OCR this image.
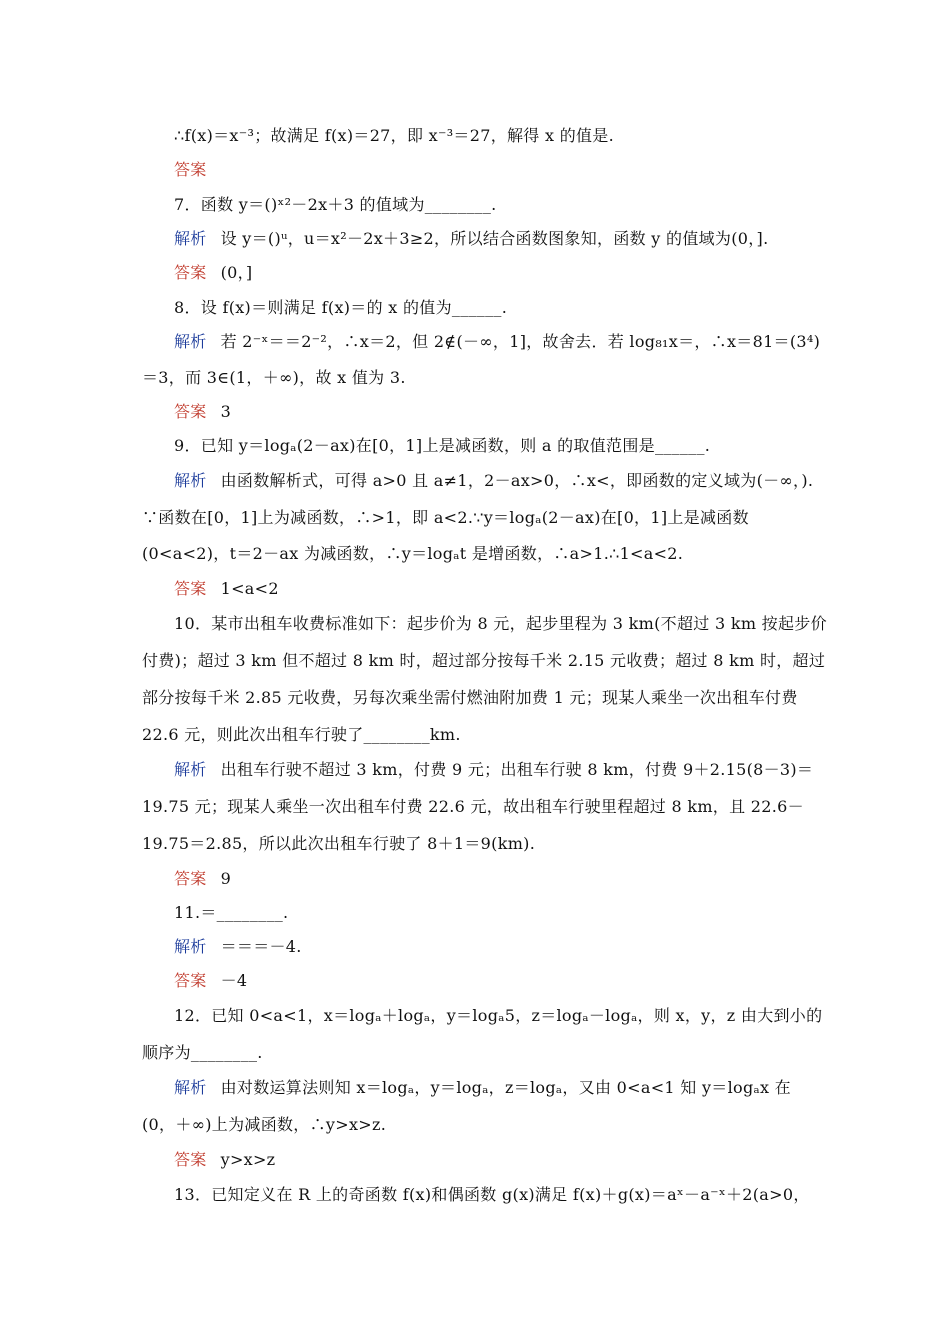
∴f(x)＝x⁻³；故满足 f(x)＝27，即 x⁻³＝27，解得 x 的值是.
答案
7．函数 y＝()ˣ²－2x＋3 的值域为________.
解析 设 y＝()ᵘ，u＝x²－2x＋3≥2，所以结合函数图象知，函数 y 的值域为(0，].
答案 (0，]
8．设 f(x)＝则满足 f(x)＝的 x 的值为______.
解析 若 2⁻ˣ＝＝2⁻²，∴x＝2，但 2∉(－∞，1]，故舍去．若 log₈₁x＝，∴x＝81＝(3⁴)
＝3，而 3∈(1，＋∞)，故 x 值为 3.
答案 3
9．已知 y＝logₐ(2－ax)在[0，1]上是减函数，则 a 的取值范围是______.
解析 由函数解析式，可得 a>0 且 a≠1，2－ax>0，∴x<，即函数的定义域为(－∞，).
∵函数在[0，1]上为减函数，∴>1，即 a<2.∵y＝logₐ(2－ax)在[0，1]上是减函数
(0<a<2)，t＝2－ax 为减函数，∴y＝logₐt 是增函数，∴a>1.∴1<a<2.
答案 1<a<2
10．某市出租车收费标准如下：起步价为 8 元，起步里程为 3 km(不超过 3 km 按起步价
付费)；超过 3 km 但不超过 8 km 时，超过部分按每千米 2.15 元收费；超过 8 km 时，超过
部分按每千米 2.85 元收费，另每次乘坐需付燃油附加费 1 元；现某人乘坐一次出租车付费
22.6 元，则此次出租车行驶了________km.
解析 出租车行驶不超过 3 km，付费 9 元；出租车行驶 8 km，付费 9＋2.15(8－3)＝
19.75 元；现某人乘坐一次出租车付费 22.6 元，故出租车行驶里程超过 8 km，且 22.6－
19.75＝2.85，所以此次出租车行驶了 8＋1＝9(km).
答案 9
11.＝________.
解析 ＝＝＝－4.
答案 －4
12．已知 0<a<1，x＝logₐ＋logₐ，y＝logₐ5，z＝logₐ－logₐ，则 x，y，z 由大到小的
顺序为________.
解析 由对数运算法则知 x＝logₐ，y＝logₐ，z＝logₐ，又由 0<a<1 知 y＝logₐx 在
(0，＋∞)上为减函数，∴y>x>z.
答案 y>x>z
13．已知定义在 R 上的奇函数 f(x)和偶函数 g(x)满足 f(x)＋g(x)＝aˣ－a⁻ˣ＋2(a>0，
